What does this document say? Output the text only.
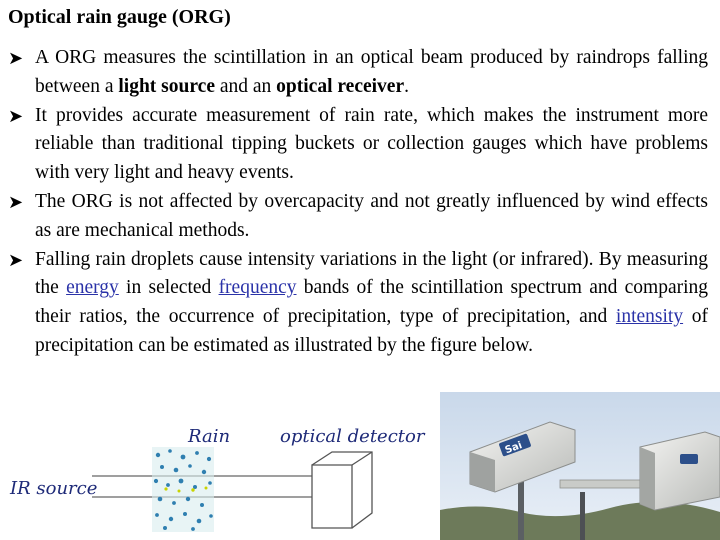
Optical rain gauge (ORG)
➤ A ORG measures the scintillation in an optical beam produced by raindrops falling between a light source and an optical receiver.
➤ It provides accurate measurement of rain rate, which makes the instrument more reliable than traditional tipping buckets or collection gauges which have problems with very light and heavy events.
➤ The ORG is not affected by overcapacity and not greatly influenced by wind effects as are mechanical methods.
➤ Falling rain droplets cause intensity variations in the light (or infrared). By measuring the energy in selected frequency bands of the scintillation spectrum and comparing their ratios, the occurrence of precipitation, type of precipitation, and intensity of precipitation can be estimated as illustrated by the figure below.
Rain	optical detector
IR source
Sai
